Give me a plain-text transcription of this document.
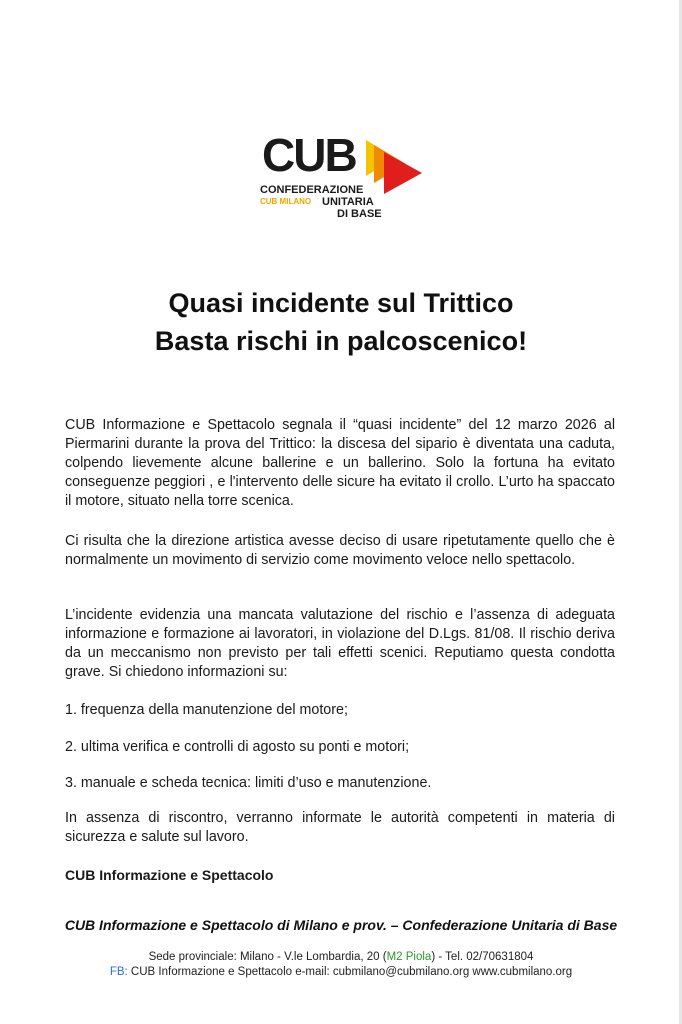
CUB
CONFEDERAZIONE
CUB MILANO UNITARIA
DI BASE
Quasi incidente sul Trittico
Basta rischi in palcoscenico!
CUB Informazione e Spettacolo segnala il “quasi incidente” del 12 marzo 2026 al Piermarini durante la prova del Trittico: la discesa del sipario è diventata una caduta, colpendo lievemente alcune ballerine e un ballerino. Solo la fortuna ha evitato conseguenze peggiori , e l'intervento delle sicure ha evitato il crollo. L’urto ha spaccato il motore, situato nella torre scenica.
Ci risulta che la direzione artistica avesse deciso di usare ripetutamente quello che è normalmente un movimento di servizio come movimento veloce nello spettacolo.
L’incidente evidenzia una mancata valutazione del rischio e l’assenza di adeguata informazione e formazione ai lavoratori, in violazione del D.Lgs. 81/08. Il rischio deriva da un meccanismo non previsto per tali effetti scenici. Reputiamo questa condotta grave. Si chiedono informazioni su:
1. frequenza della manutenzione del motore;
2. ultima verifica e controlli di agosto su ponti e motori;
3. manuale e scheda tecnica: limiti d’uso e manutenzione.
In assenza di riscontro, verranno informate le autorità competenti in materia di sicurezza e salute sul lavoro.
CUB Informazione e Spettacolo
CUB Informazione e Spettacolo di Milano e prov. – Confederazione Unitaria di Base
Sede provinciale: Milano - V.le Lombardia, 20 (M2 Piola) - Tel. 02/70631804
FB: CUB Informazione e Spettacolo e-mail: cubmilano@cubmilano.org www.cubmilano.org
